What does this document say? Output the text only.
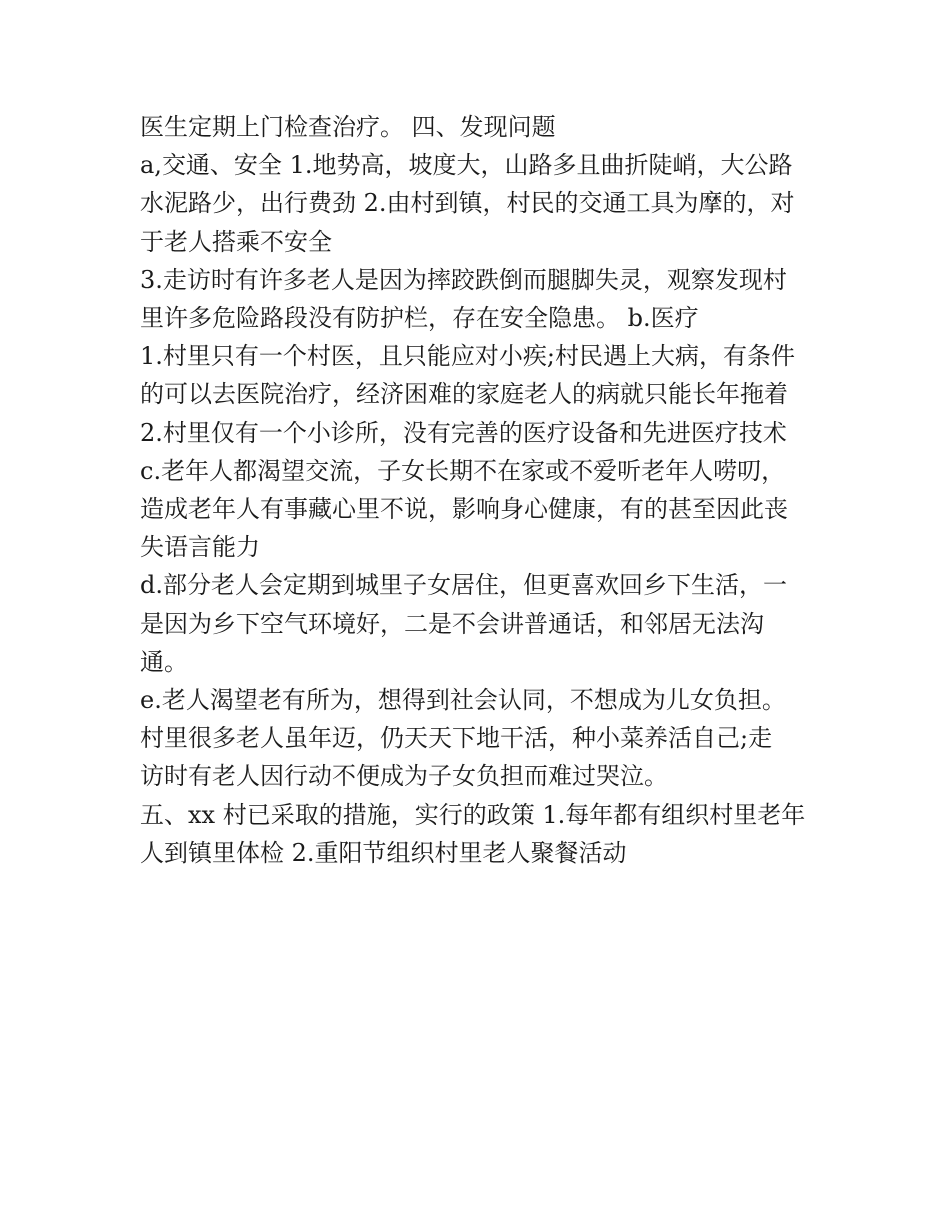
医生定期上门检查治疗。 四、发现问题
a,交通、安全 1.地势高，坡度大，山路多且曲折陡峭，大公路
水泥路少，出行费劲 2.由村到镇，村民的交通工具为摩的，对
于老人搭乘不安全
3.走访时有许多老人是因为摔跤跌倒而腿脚失灵，观察发现村
里许多危险路段没有防护栏，存在安全隐患。 b.医疗
1.村里只有一个村医，且只能应对小疾;村民遇上大病，有条件
的可以去医院治疗，经济困难的家庭老人的病就只能长年拖着
2.村里仅有一个小诊所，没有完善的医疗设备和先进医疗技术
c.老年人都渴望交流，子女长期不在家或不爱听老年人唠叨，
造成老年人有事藏心里不说，影响身心健康，有的甚至因此丧
失语言能力
d.部分老人会定期到城里子女居住，但更喜欢回乡下生活，一
是因为乡下空气环境好，二是不会讲普通话，和邻居无法沟
通。
e.老人渴望老有所为，想得到社会认同，不想成为儿女负担。
村里很多老人虽年迈，仍天天下地干活，种小菜养活自己;走
访时有老人因行动不便成为子女负担而难过哭泣。
五、xx 村已采取的措施，实行的政策 1.每年都有组织村里老年
人到镇里体检 2.重阳节组织村里老人聚餐活动
